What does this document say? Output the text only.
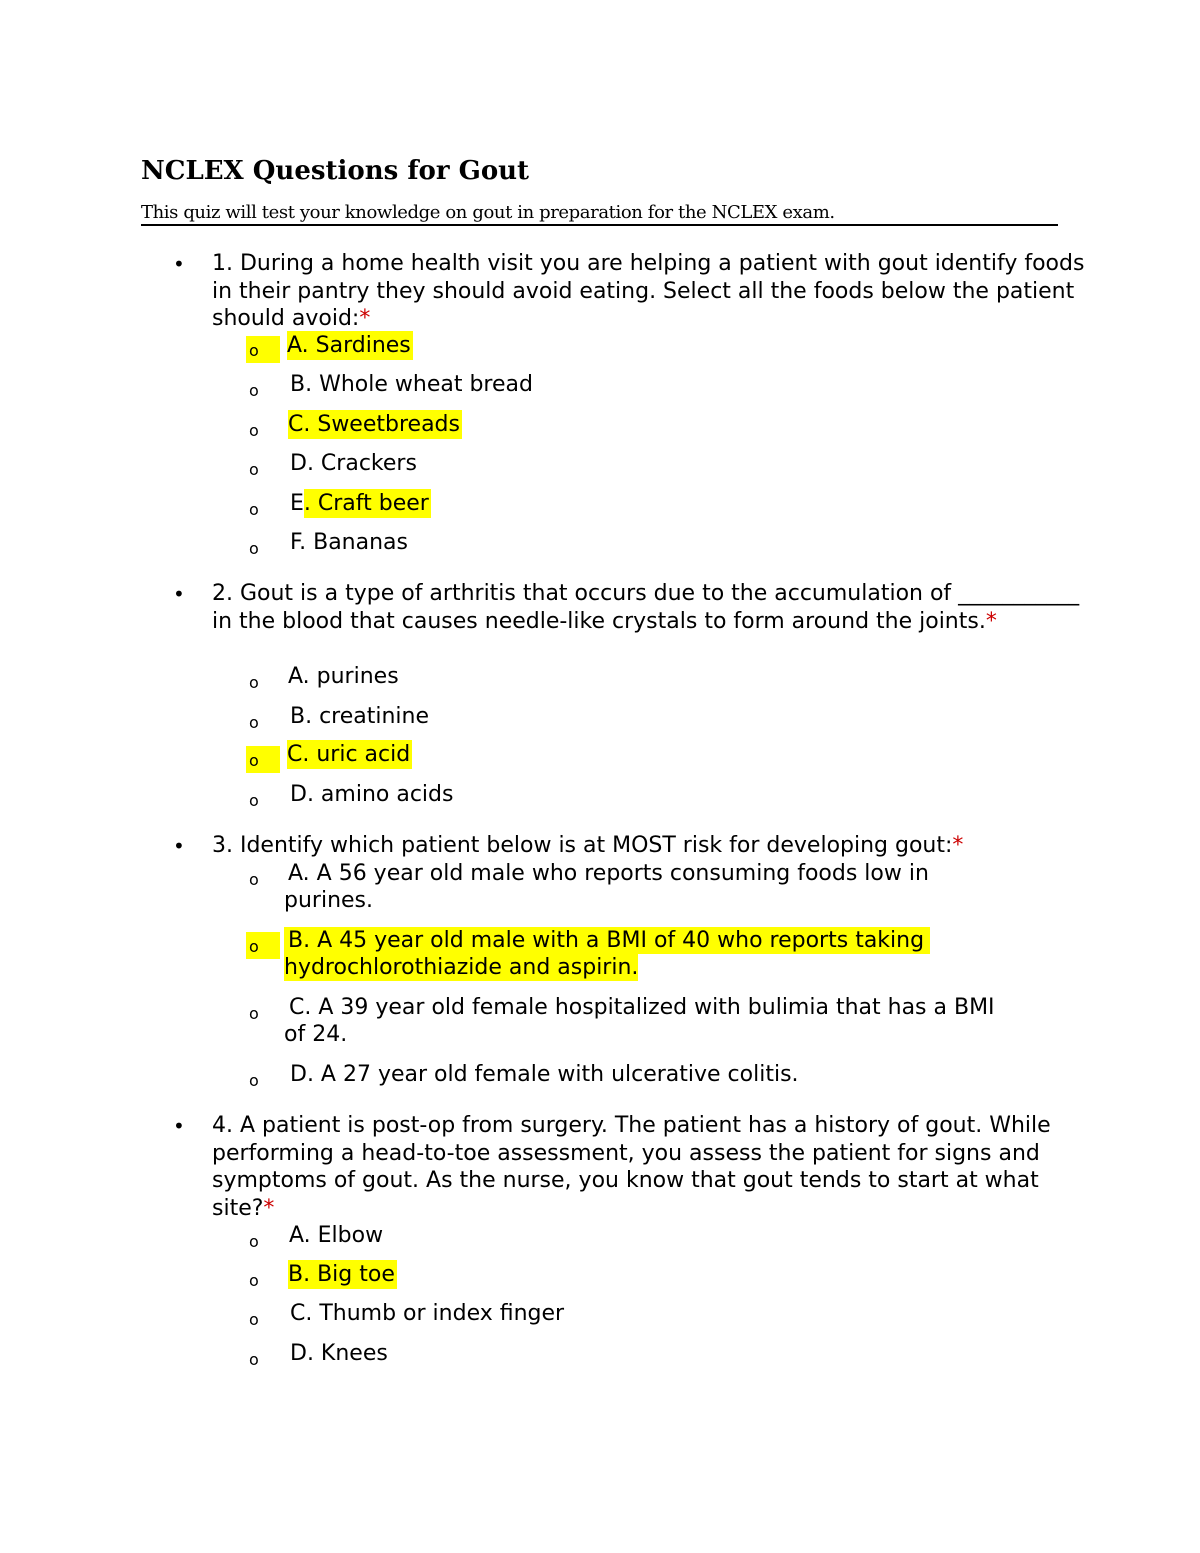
NCLEX Questions for Gout
This quiz will test your knowledge on gout in preparation for the NCLEX exam.
• 1. During a home health visit you are helping a patient with gout identify foods in their pantry they should avoid eating. Select all the foods below the patient should avoid:*
o	A. Sardines
o	B. Whole wheat bread
o	C. Sweetbreads
o	D. Crackers
o	E. Craft beer
o	F. Bananas
• 2. Gout is a type of arthritis that occurs due to the accumulation of ___________ in the blood that causes needle-like crystals to form around the joints.*
o	A. purines
o	B. creatinine
o	C. uric acid
o	D. amino acids
• 3. Identify which patient below is at MOST risk for developing gout:*
o	A. A 56 year old male who reports consuming foods low in
purines.
o	B. A 45 year old male with a BMI of 40 who reports taking
hydrochlorothiazide and aspirin.
o	C. A 39 year old female hospitalized with bulimia that has a BMI
of 24.
o	D. A 27 year old female with ulcerative colitis.
• 4. A patient is post-op from surgery. The patient has a history of gout. While performing a head-to-toe assessment, you assess the patient for signs and symptoms of gout. As the nurse, you know that gout tends to start at what site?*
o	A. Elbow
o	B. Big toe
o	C. Thumb or index finger
o	D. Knees
